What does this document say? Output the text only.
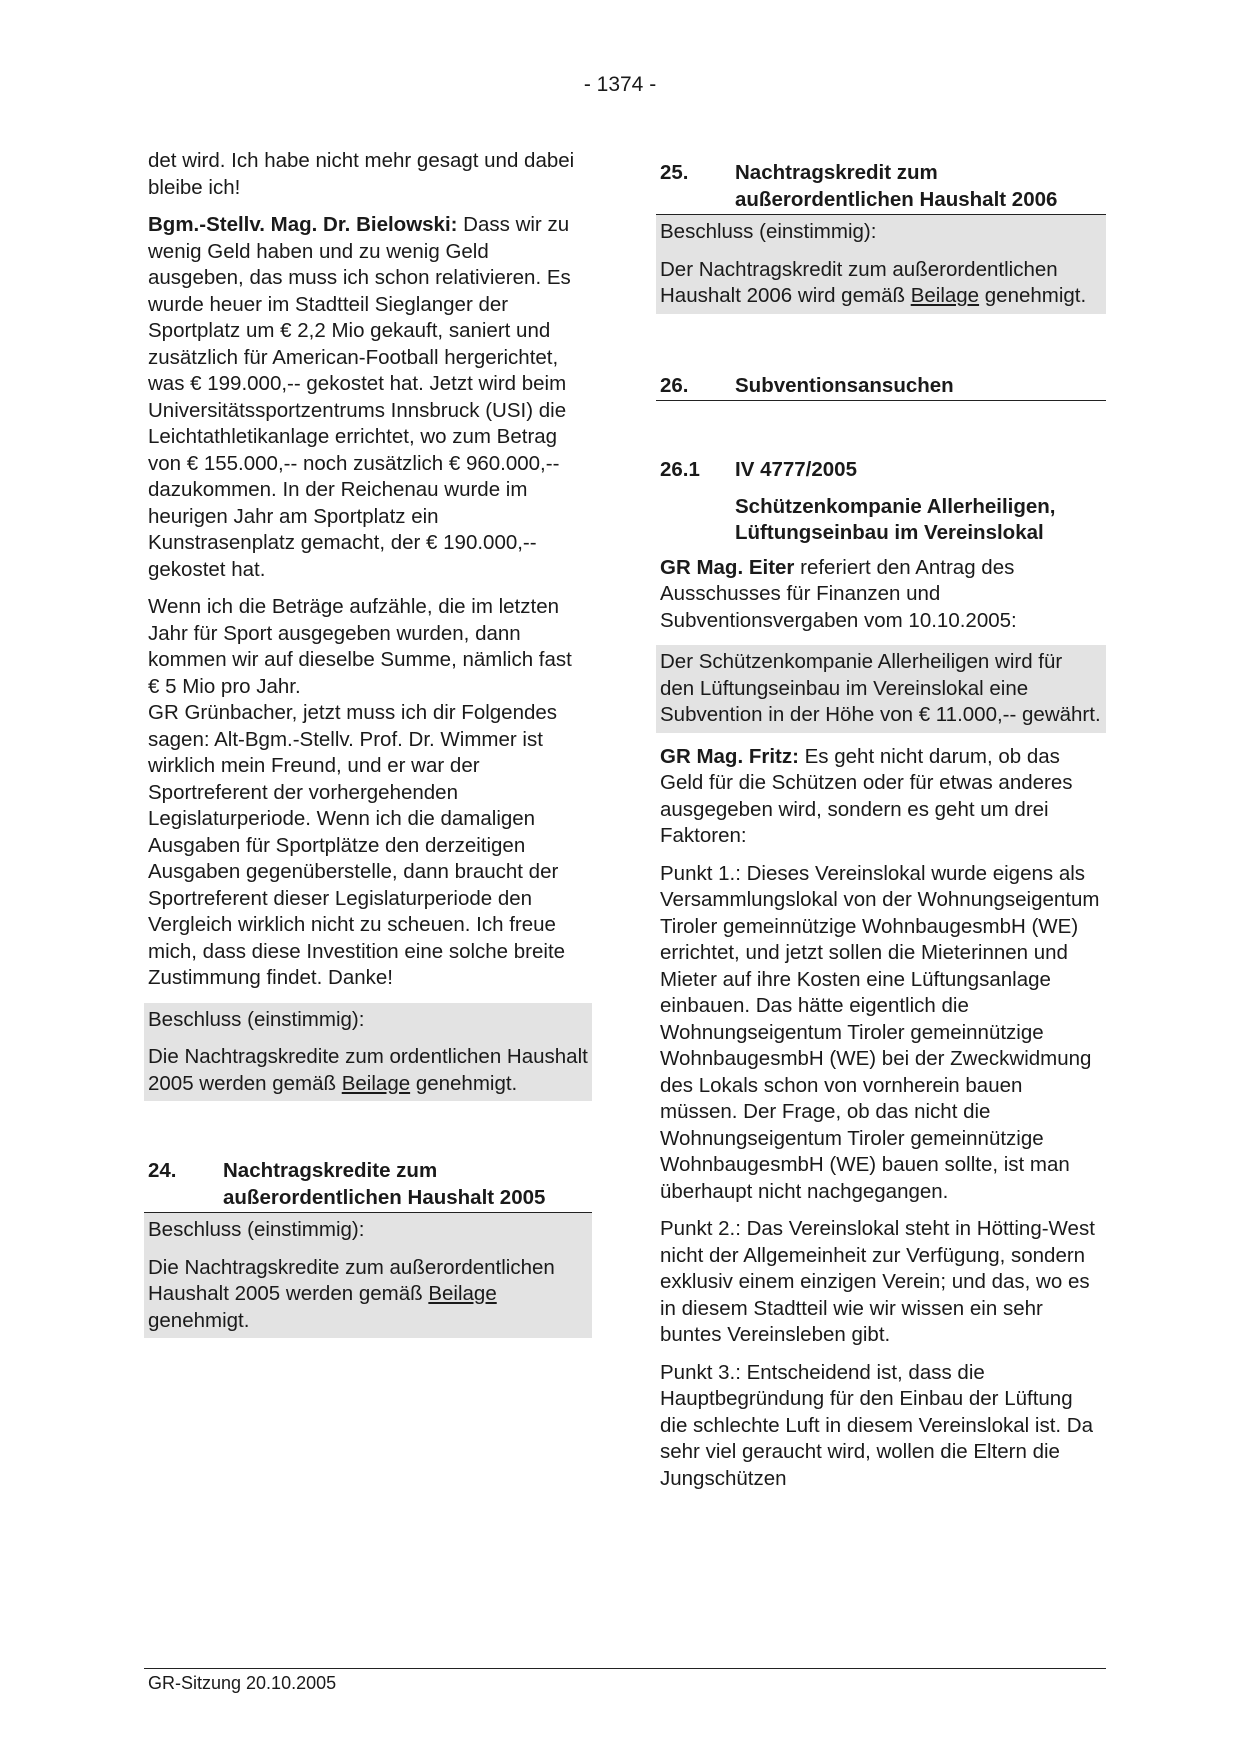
- 1374 -

det wird. Ich habe nicht mehr gesagt und dabei bleibe ich!

Bgm.-Stellv. Mag. Dr. Bielowski: Dass wir zu wenig Geld haben und zu wenig Geld ausgeben, das muss ich schon relativieren. Es wurde heuer im Stadtteil Sieglanger der Sportplatz um € 2,2 Mio gekauft, saniert und zusätzlich für American-Football hergerichtet, was € 199.000,-- gekostet hat. Jetzt wird beim Universitätssportzentrums Innsbruck (USI) die Leichtathletikanlage errichtet, wo zum Betrag von € 155.000,-- noch zusätzlich € 960.000,-- dazukommen. In der Reichenau wurde im heurigen Jahr am Sportplatz ein Kunstrasenplatz gemacht, der € 190.000,-- gekostet hat.

Wenn ich die Beträge aufzähle, die im letzten Jahr für Sport ausgegeben wurden, dann kommen wir auf dieselbe Summe, nämlich fast € 5 Mio pro Jahr.

GR Grünbacher, jetzt muss ich dir Folgendes sagen: Alt-Bgm.-Stellv. Prof. Dr. Wimmer ist wirklich mein Freund, und er war der Sportreferent der vorhergehenden Legislaturperiode. Wenn ich die damaligen Ausgaben für Sportplätze den derzeitigen Ausgaben gegenüberstelle, dann braucht der Sportreferent dieser Legislaturperiode den Vergleich wirklich nicht zu scheuen. Ich freue mich, dass diese Investition eine solche breite Zustimmung findet. Danke!

Beschluss (einstimmig):

Die Nachtragskredite zum ordentlichen Haushalt 2005 werden gemäß Beilage genehmigt.

24.	Nachtragskredite zum außerordentlichen Haushalt 2005

Beschluss (einstimmig):

Die Nachtragskredite zum außerordentlichen Haushalt 2005 werden gemäß Beilage genehmigt.

25.	Nachtragskredit zum außerordentlichen Haushalt 2006

Beschluss (einstimmig):

Der Nachtragskredit zum außerordentlichen Haushalt 2006 wird gemäß Beilage genehmigt.

26.	Subventionsansuchen
26.1	IV 4777/2005
Schützenkompanie Allerheiligen, Lüftungseinbau im Vereinslokal

GR Mag. Eiter referiert den Antrag des Ausschusses für Finanzen und Subventionsvergaben vom 10.10.2005:

Der Schützenkompanie Allerheiligen wird für den Lüftungseinbau im Vereinslokal eine Subvention in der Höhe von € 11.000,-- gewährt.

GR Mag. Fritz: Es geht nicht darum, ob das Geld für die Schützen oder für etwas anderes ausgegeben wird, sondern es geht um drei Faktoren:

Punkt 1.: Dieses Vereinslokal wurde eigens als Versammlungslokal von der Wohnungseigentum Tiroler gemeinnützige WohnbaugesmbH (WE) errichtet, und jetzt sollen die Mieterinnen und Mieter auf ihre Kosten eine Lüftungsanlage einbauen. Das hätte eigentlich die Wohnungseigentum Tiroler gemeinnützige WohnbaugesmbH (WE) bei der Zweckwidmung des Lokals schon von vornherein bauen müssen. Der Frage, ob das nicht die Wohnungseigentum Tiroler gemeinnützige WohnbaugesmbH (WE) bauen sollte, ist man überhaupt nicht nachgegangen.

Punkt 2.: Das Vereinslokal steht in Hötting-West nicht der Allgemeinheit zur Verfügung, sondern exklusiv einem einzigen Verein; und das, wo es in diesem Stadtteil wie wir wissen ein sehr buntes Vereinsleben gibt.

Punkt 3.: Entscheidend ist, dass die Hauptbegründung für den Einbau der Lüftung die schlechte Luft in diesem Vereinslokal ist. Da sehr viel geraucht wird, wollen die Eltern die Jungschützen

GR-Sitzung 20.10.2005
